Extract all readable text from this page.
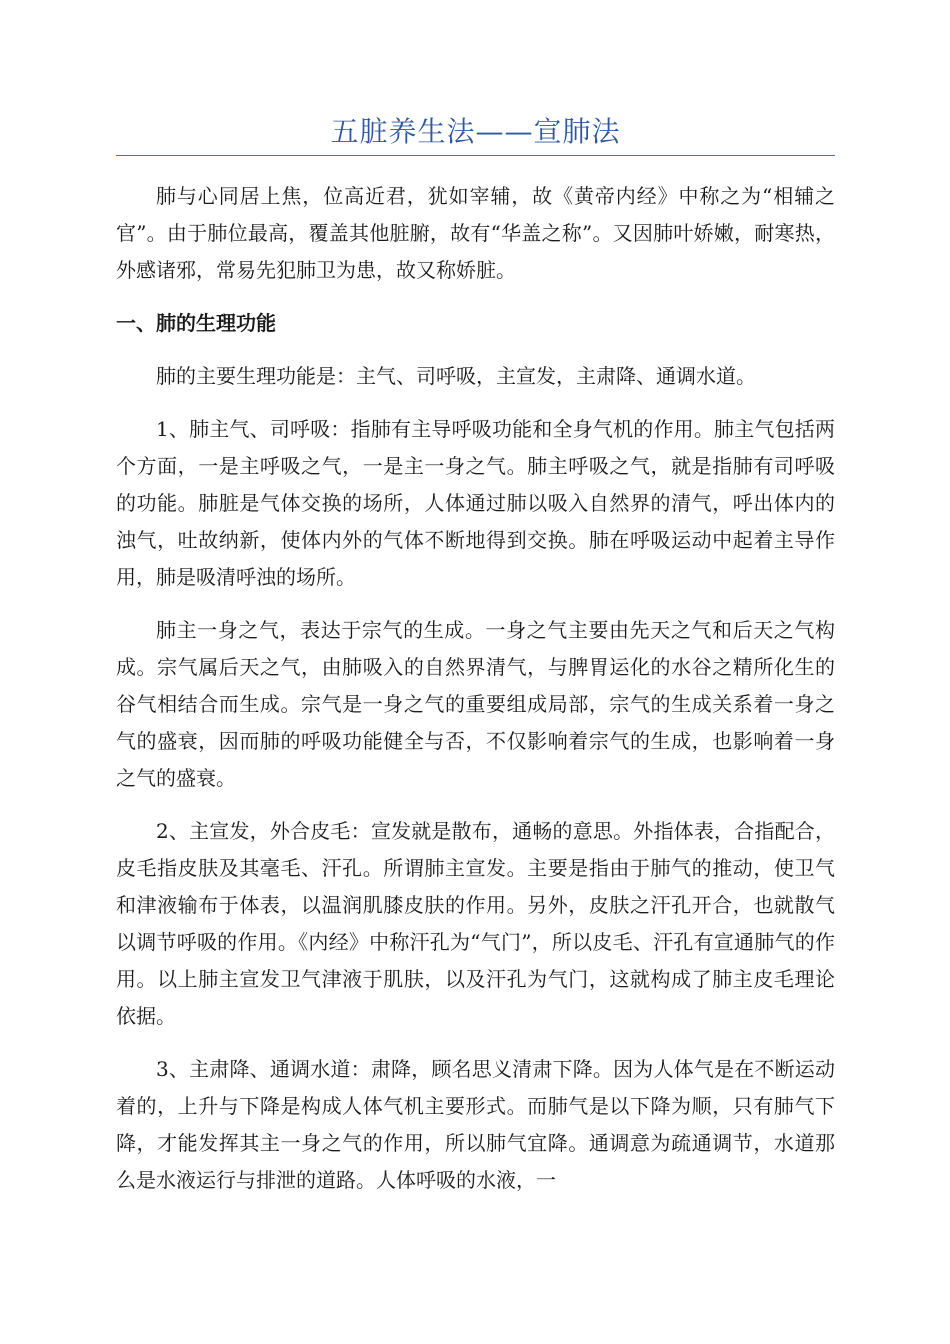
五脏养生法——宣肺法

肺与心同居上焦，位高近君，犹如宰辅，故《黄帝内经》中称之为“相辅之官”。由于肺位最高，覆盖其他脏腑，故有“华盖之称”。又因肺叶娇嫩，耐寒热，外感诸邪，常易先犯肺卫为患，故又称娇脏。

一、肺的生理功能

肺的主要生理功能是：主气、司呼吸，主宣发，主肃降、通调水道。

1、肺主气、司呼吸：指肺有主导呼吸功能和全身气机的作用。肺主气包括两个方面，一是主呼吸之气，一是主一身之气。肺主呼吸之气，就是指肺有司呼吸的功能。肺脏是气体交换的场所，人体通过肺以吸入自然界的清气，呼出体内的浊气，吐故纳新，使体内外的气体不断地得到交换。肺在呼吸运动中起着主导作用，肺是吸清呼浊的场所。

肺主一身之气，表达于宗气的生成。一身之气主要由先天之气和后天之气构成。宗气属后天之气，由肺吸入的自然界清气，与脾胃运化的水谷之精所化生的谷气相结合而生成。宗气是一身之气的重要组成局部，宗气的生成关系着一身之气的盛衰，因而肺的呼吸功能健全与否，不仅影响着宗气的生成，也影响着一身之气的盛衰。

2、主宣发，外合皮毛：宣发就是散布，通畅的意思。外指体表，合指配合，皮毛指皮肤及其毫毛、汗孔。所谓肺主宣发。主要是指由于肺气的推动，使卫气和津液输布于体表，以温润肌膝皮肤的作用。另外，皮肤之汗孔开合，也就散气以调节呼吸的作用。《内经》中称汗孔为“气门”，所以皮毛、汗孔有宣通肺气的作用。以上肺主宣发卫气津液于肌肤，以及汗孔为气门，这就构成了肺主皮毛理论依据。

3、主肃降、通调水道：肃降，顾名思义清肃下降。因为人体气是在不断运动着的，上升与下降是构成人体气机主要形式。而肺气是以下降为顺，只有肺气下降，才能发挥其主一身之气的作用，所以肺气宜降。通调意为疏通调节，水道那么是水液运行与排泄的道路。人体呼吸的水液，一
